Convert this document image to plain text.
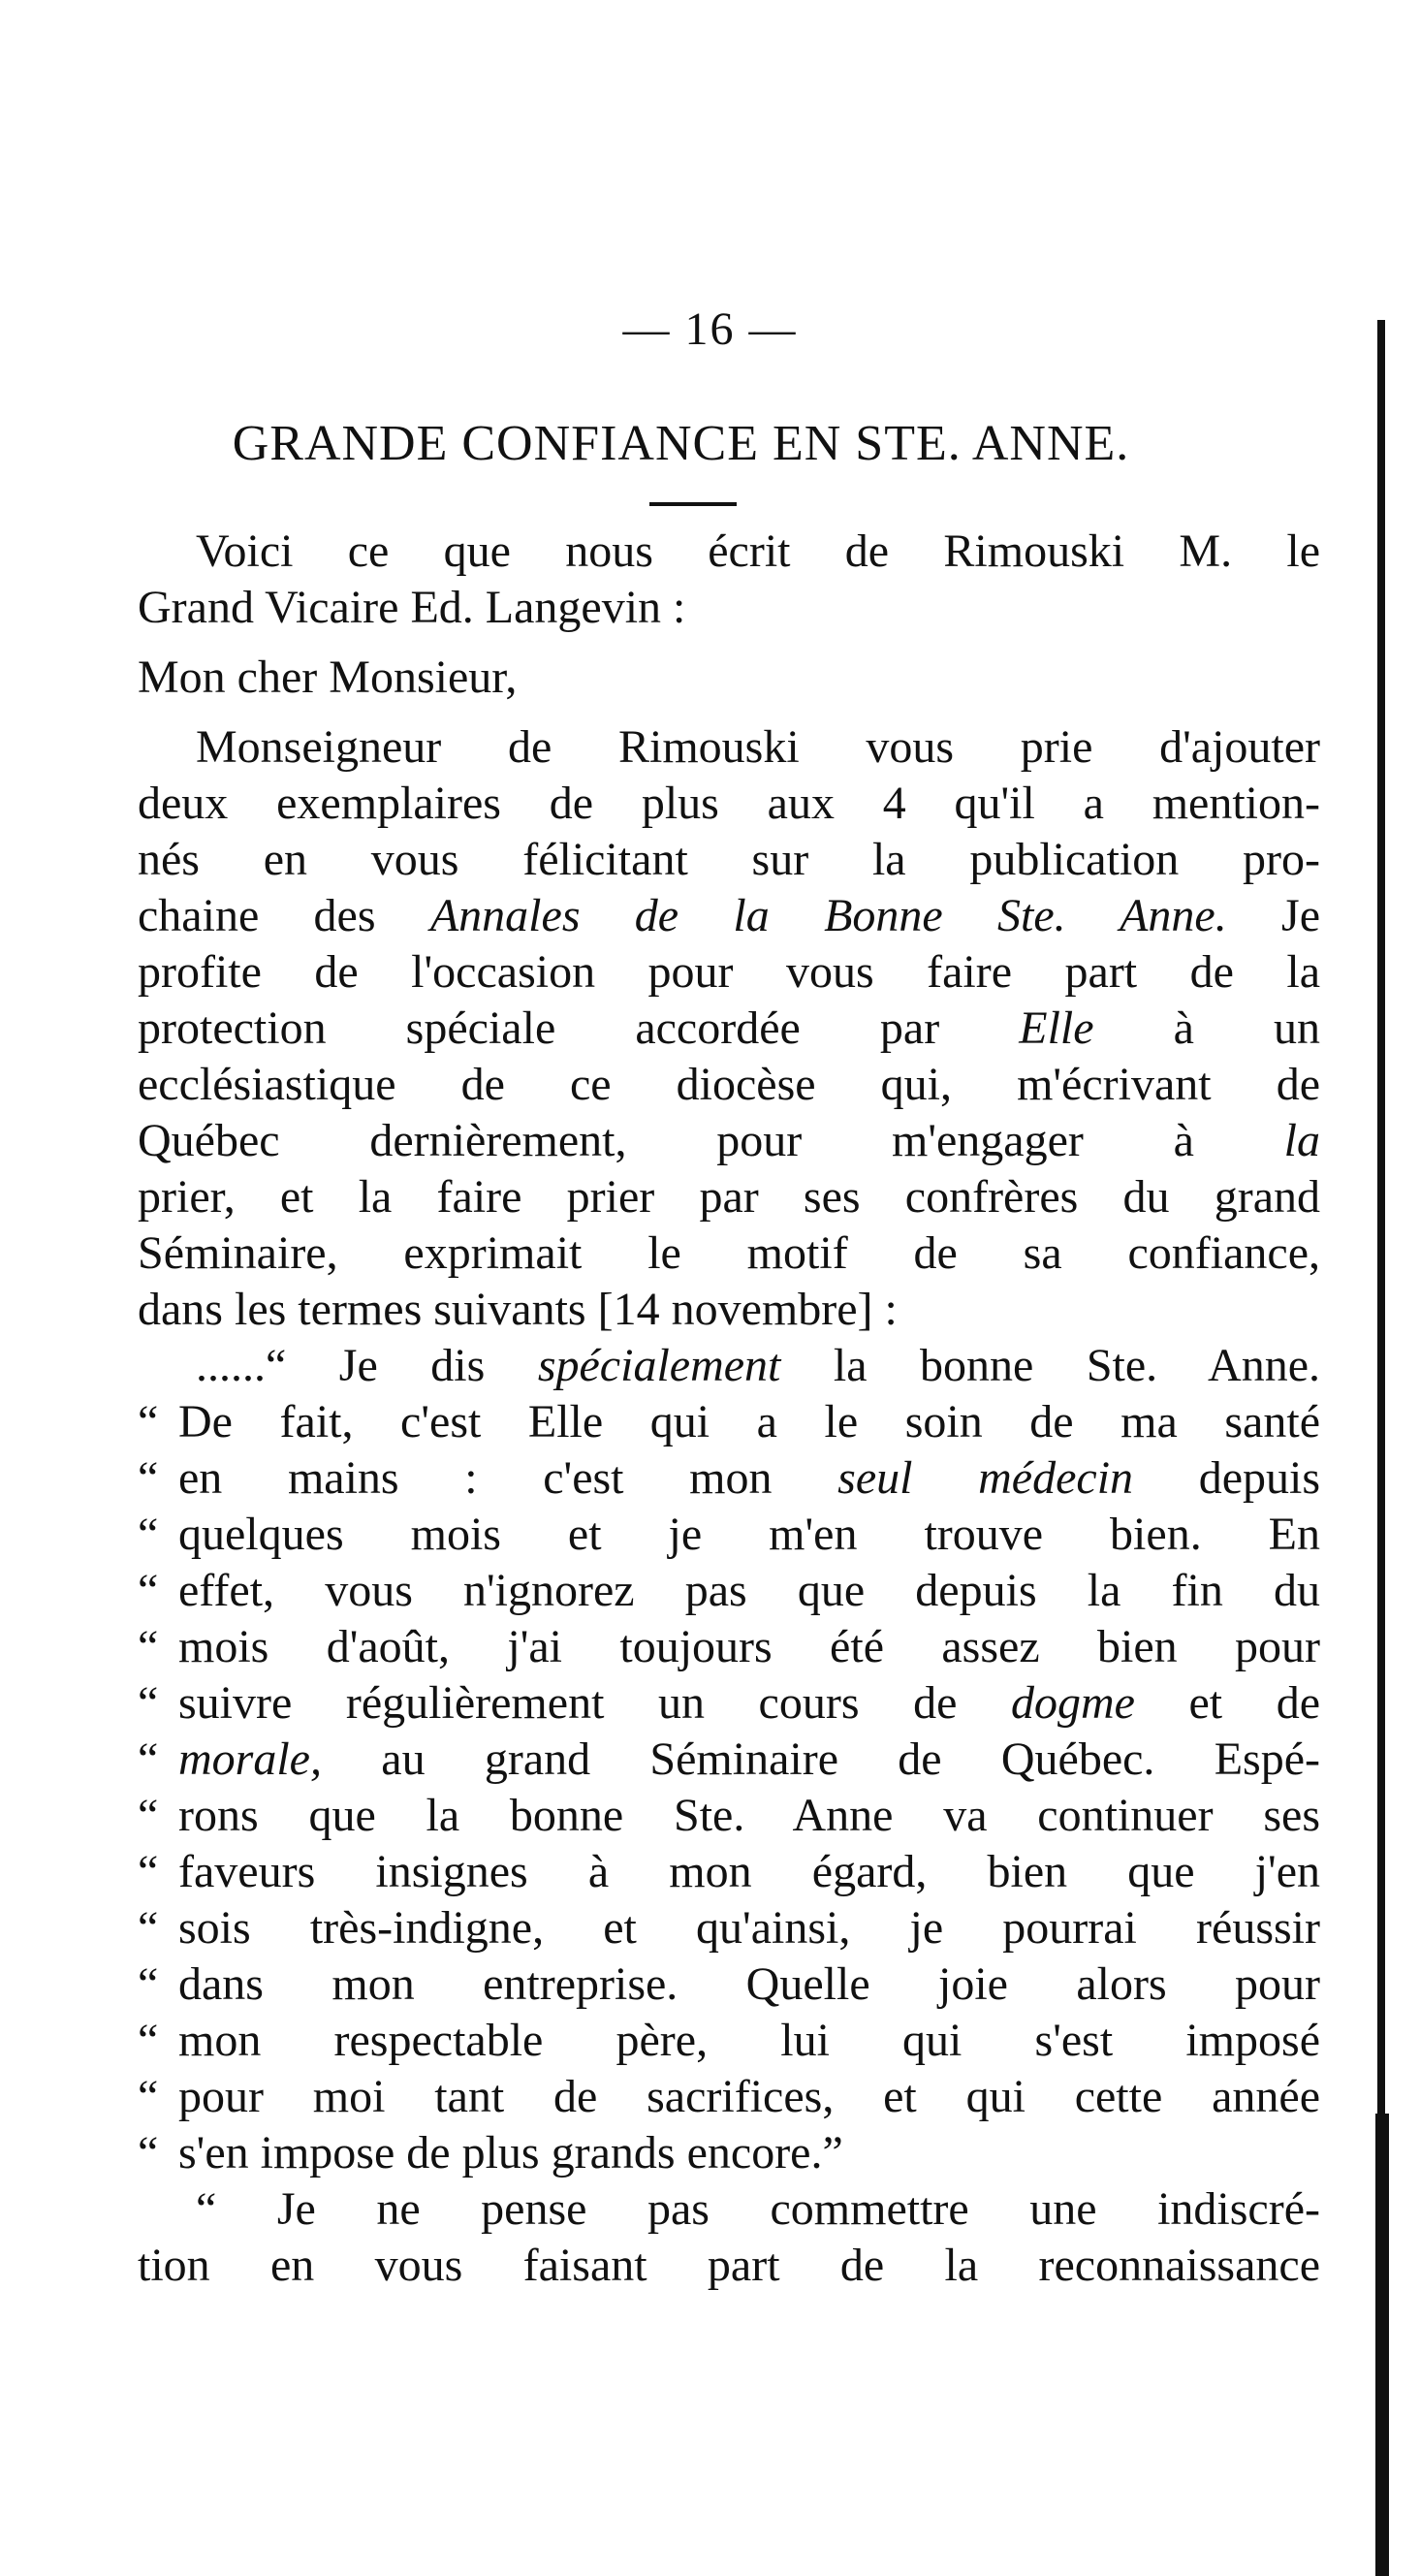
— 16 —
GRANDE CONFIANCE EN STE. ANNE.
Voici ce que nous écrit de Rimouski M. le
Grand Vicaire Ed. Langevin :
Mon cher Monsieur,
Monseigneur de Rimouski vous prie d'ajouter
deux exemplaires de plus aux 4 qu'il a mention-
nés en vous félicitant sur la publication pro-
chaine des Annales de la Bonne Ste. Anne. Je
profite de l'occasion pour vous faire part de la
protection spéciale accordée par Elle à un
ecclésiastique de ce diocèse qui, m'écrivant de
Québec dernièrement, pour m'engager à la
prier, et la faire prier par ses confrères du grand
Séminaire, exprimait le motif de sa confiance,
dans les termes suivants [14 novembre] :
......“ Je dis spécialement la bonne Ste. Anne.
“ De fait, c'est Elle qui a le soin de ma santé
“ en mains : c'est mon seul médecin depuis
“ quelques mois et je m'en trouve bien. En
“ effet, vous n'ignorez pas que depuis la fin du
“ mois d'août, j'ai toujours été assez bien pour
“ suivre régulièrement un cours de dogme et de
“ morale, au grand Séminaire de Québec. Espé-
“ rons que la bonne Ste. Anne va continuer ses
“ faveurs insignes à mon égard, bien que j'en
“ sois très-indigne, et qu'ainsi, je pourrai réussir
“ dans mon entreprise. Quelle joie alors pour
“ mon respectable père, lui qui s'est imposé
“ pour moi tant de sacrifices, et qui cette année
“ s'en impose de plus grands encore.”
“ Je ne pense pas commettre une indiscré-
tion en vous faisant part de la reconnaissance
